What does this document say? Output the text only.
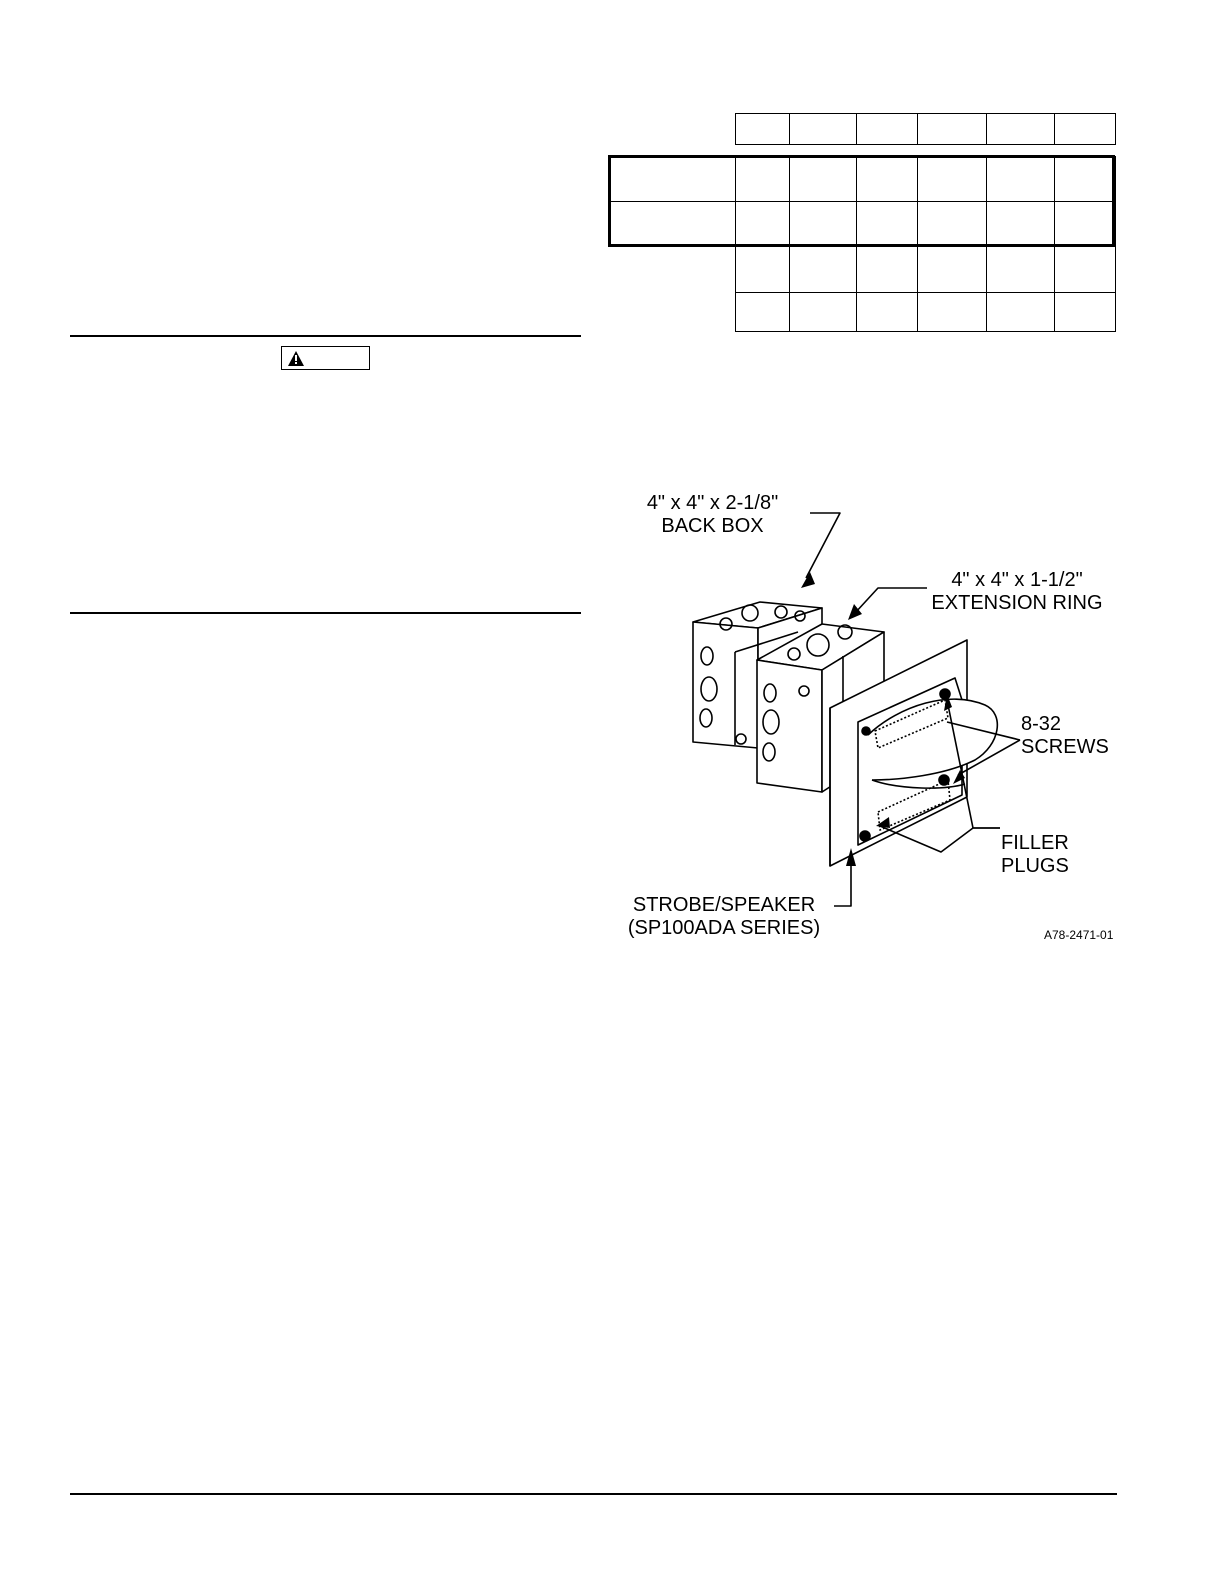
4" x 4" x 2-1/8"
BACK BOX
4" x 4" x 1-1/2"
EXTENSION RING
8-32
SCREWS
FILLER
PLUGS
STROBE/SPEAKER
(SP100ADA SERIES)	A78-2471-01
